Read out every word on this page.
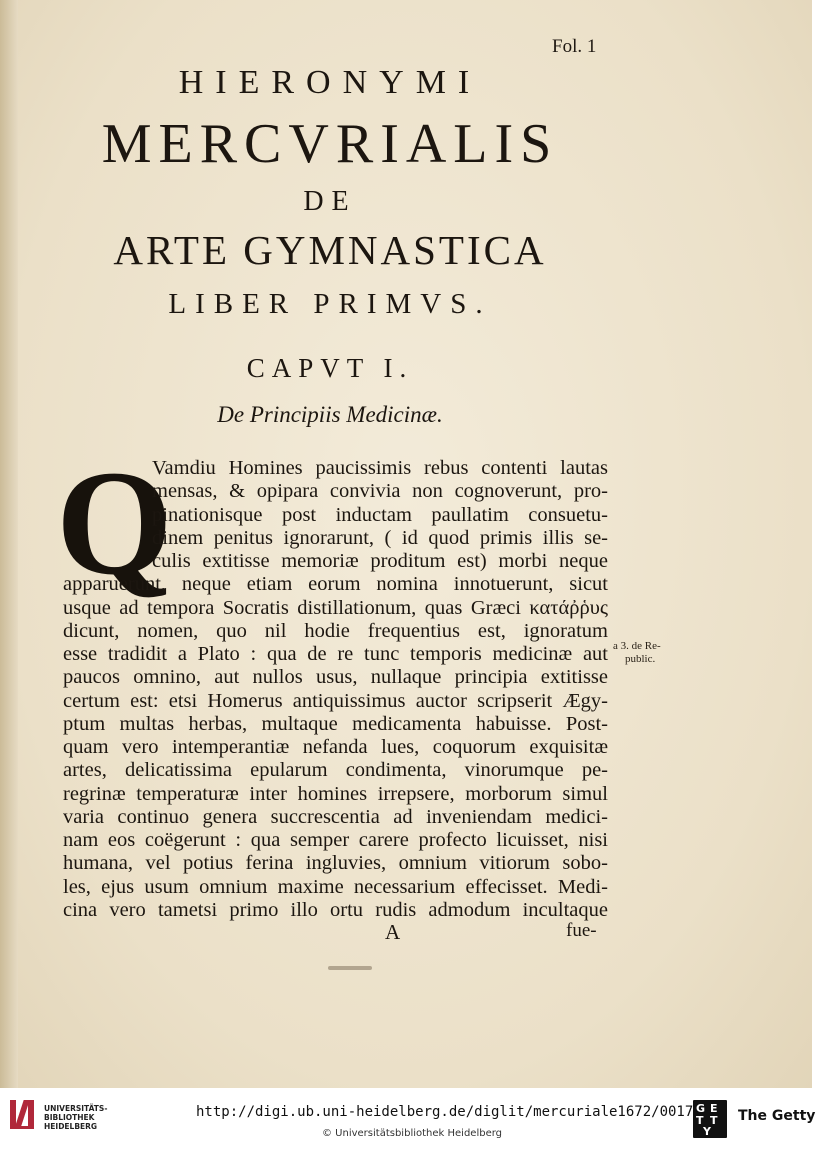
Fol. 1
HIERONYMI
MERCVRIALIS
DE
ARTE GYMNASTICA
LIBER PRIMVS.
CAPVT I.
De Principiis Medicinæ.
Q
Vamdiu Homines paucissimis rebus contenti lautas
mensas, & opipara convivia non cognoverunt, pro-
pinationisque post inductam paullatim consuetu-
dinem penitus ignorarunt, ( id quod primis illis se-
culis extitisse memoriæ proditum est) morbi neque
apparuerunt, neque etiam eorum nomina innotuerunt, sicut
usque ad tempora Socratis distillationum, quas Græci κατάῤῥυς
dicunt, nomen, quo nil hodie frequentius est, ignoratum
esse tradidit a Plato : qua de re tunc temporis medicinæ aut
paucos omnino, aut nullos usus, nullaque principia extitisse
certum est: etsi Homerus antiquissimus auctor scripserit Ægy-
ptum multas herbas, multaque medicamenta habuisse. Post-
quam vero intemperantiæ nefanda lues, coquorum exquisitæ
artes, delicatissima epularum condimenta, vinorumque pe-
regrinæ temperaturæ inter homines irrepsere, morborum simul
varia continuo genera succrescentia ad inveniendam medici-
nam eos coëgerunt : qua semper carere profecto licuisset, nisi
humana, vel potius ferina ingluvies, omnium vitiorum sobo-
les, ejus usum omnium maxime necessarium effecisset. Medi-
cina vero tametsi primo illo ortu rudis admodum incultaque
a 3. de Re-
public.
A	fue-
UNIVERSITÄTS-
BIBLIOTHEK
HEIDELBERG
http://digi.ub.uni-heidelberg.de/diglit/mercuriale1672/0017
© Universitätsbibliothek Heidelberg
G E
T T
Y
The Getty
